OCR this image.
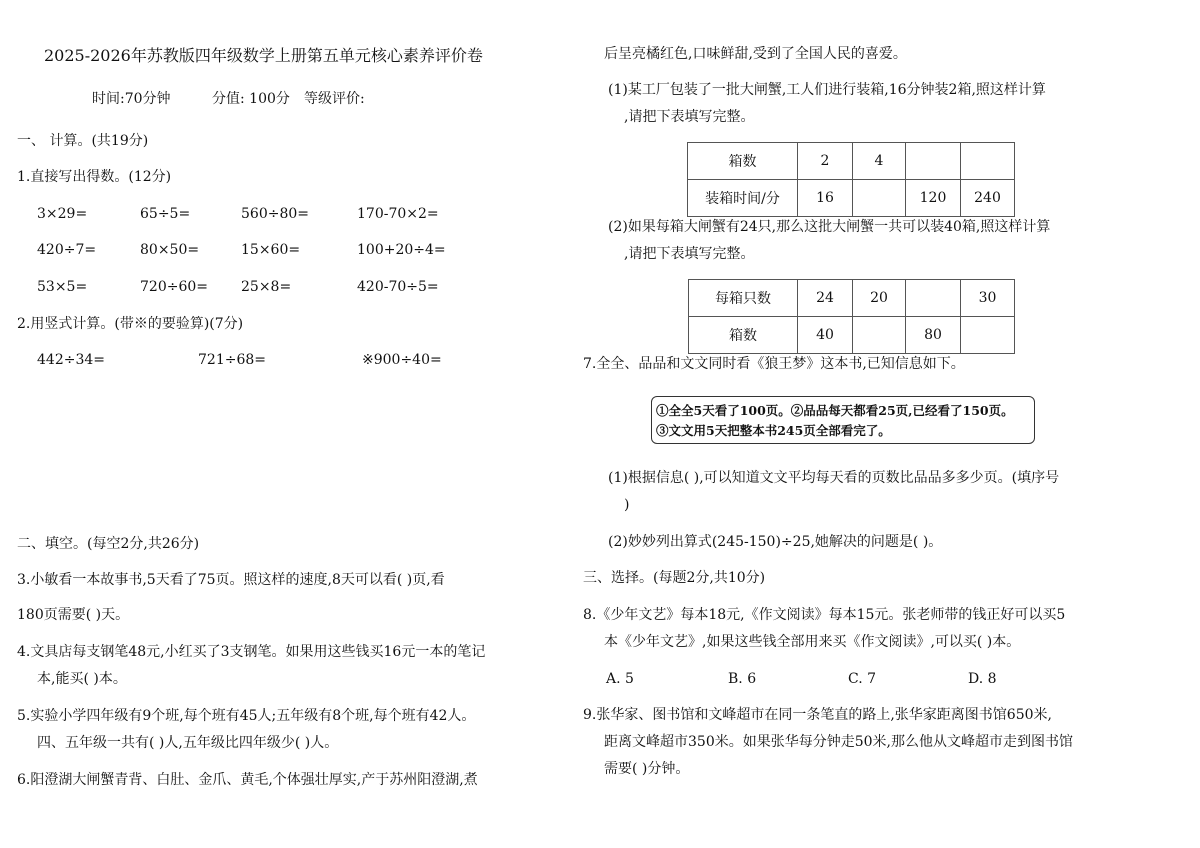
2025-2026年苏教版四年级数学上册第五单元核心素养评价卷
时间:70分钟	分值: 100分 等级评价:
一、 计算。(共19分)
1.直接写出得数。(12分)
3×29=	65÷5=	560÷80=	170-70×2=
420÷7=	80×50=	15×60=	100+20÷4=
53×5=	720÷60= 25×8=	420-70÷5=
2.用竖式计算。(带※的要验算)(7分)
442÷34=	721÷68=	※900÷40=
二、填空。(每空2分,共26分)
3.小敏看一本故事书,5天看了75页。照这样的速度,8天可以看( )页,看
180页需要( )天。
4.文具店每支钢笔48元,小红买了3支钢笔。如果用这些钱买16元一本的笔记
本,能买( )本。
5.实验小学四年级有9个班,每个班有45人;五年级有8个班,每个班有42人。
四、五年级一共有( )人,五年级比四年级少( )人。
6.阳澄湖大闸蟹青背、白肚、金爪、黄毛,个体强壮厚实,产于苏州阳澄湖,煮
后呈亮橘红色,口味鲜甜,受到了全国人民的喜爱。
(1)某工厂包装了一批大闸蟹,工人们进行装箱,16分钟装2箱,照这样计算
,请把下表填写完整。
箱数	2	4		
装箱时间/分	16		120	240
(2)如果每箱大闸蟹有24只,那么这批大闸蟹一共可以装40箱,照这样计算
,请把下表填写完整。
每箱只数	24	20		30
箱数	40		80	
7.全全、品品和文文同时看《狼王梦》这本书,已知信息如下。
①全全5天看了100页。②品品每天都看25页,已经看了150页。
③文文用5天把整本书245页全部看完了。
(1)根据信息( ),可以知道文文平均每天看的页数比品品多多少页。(填序号
)
(2)妙妙列出算式(245-150)÷25,她解决的问题是( )。
三、选择。(每题2分,共10分)
8.《少年文艺》每本18元,《作文阅读》每本15元。张老师带的钱正好可以买5
本《少年文艺》,如果这些钱全部用来买《作文阅读》,可以买( )本。
A. 5	B. 6	C. 7	D. 8
9.张华家、图书馆和文峰超市在同一条笔直的路上,张华家距离图书馆650米,
距离文峰超市350米。如果张华每分钟走50米,那么他从文峰超市走到图书馆
需要( )分钟。
